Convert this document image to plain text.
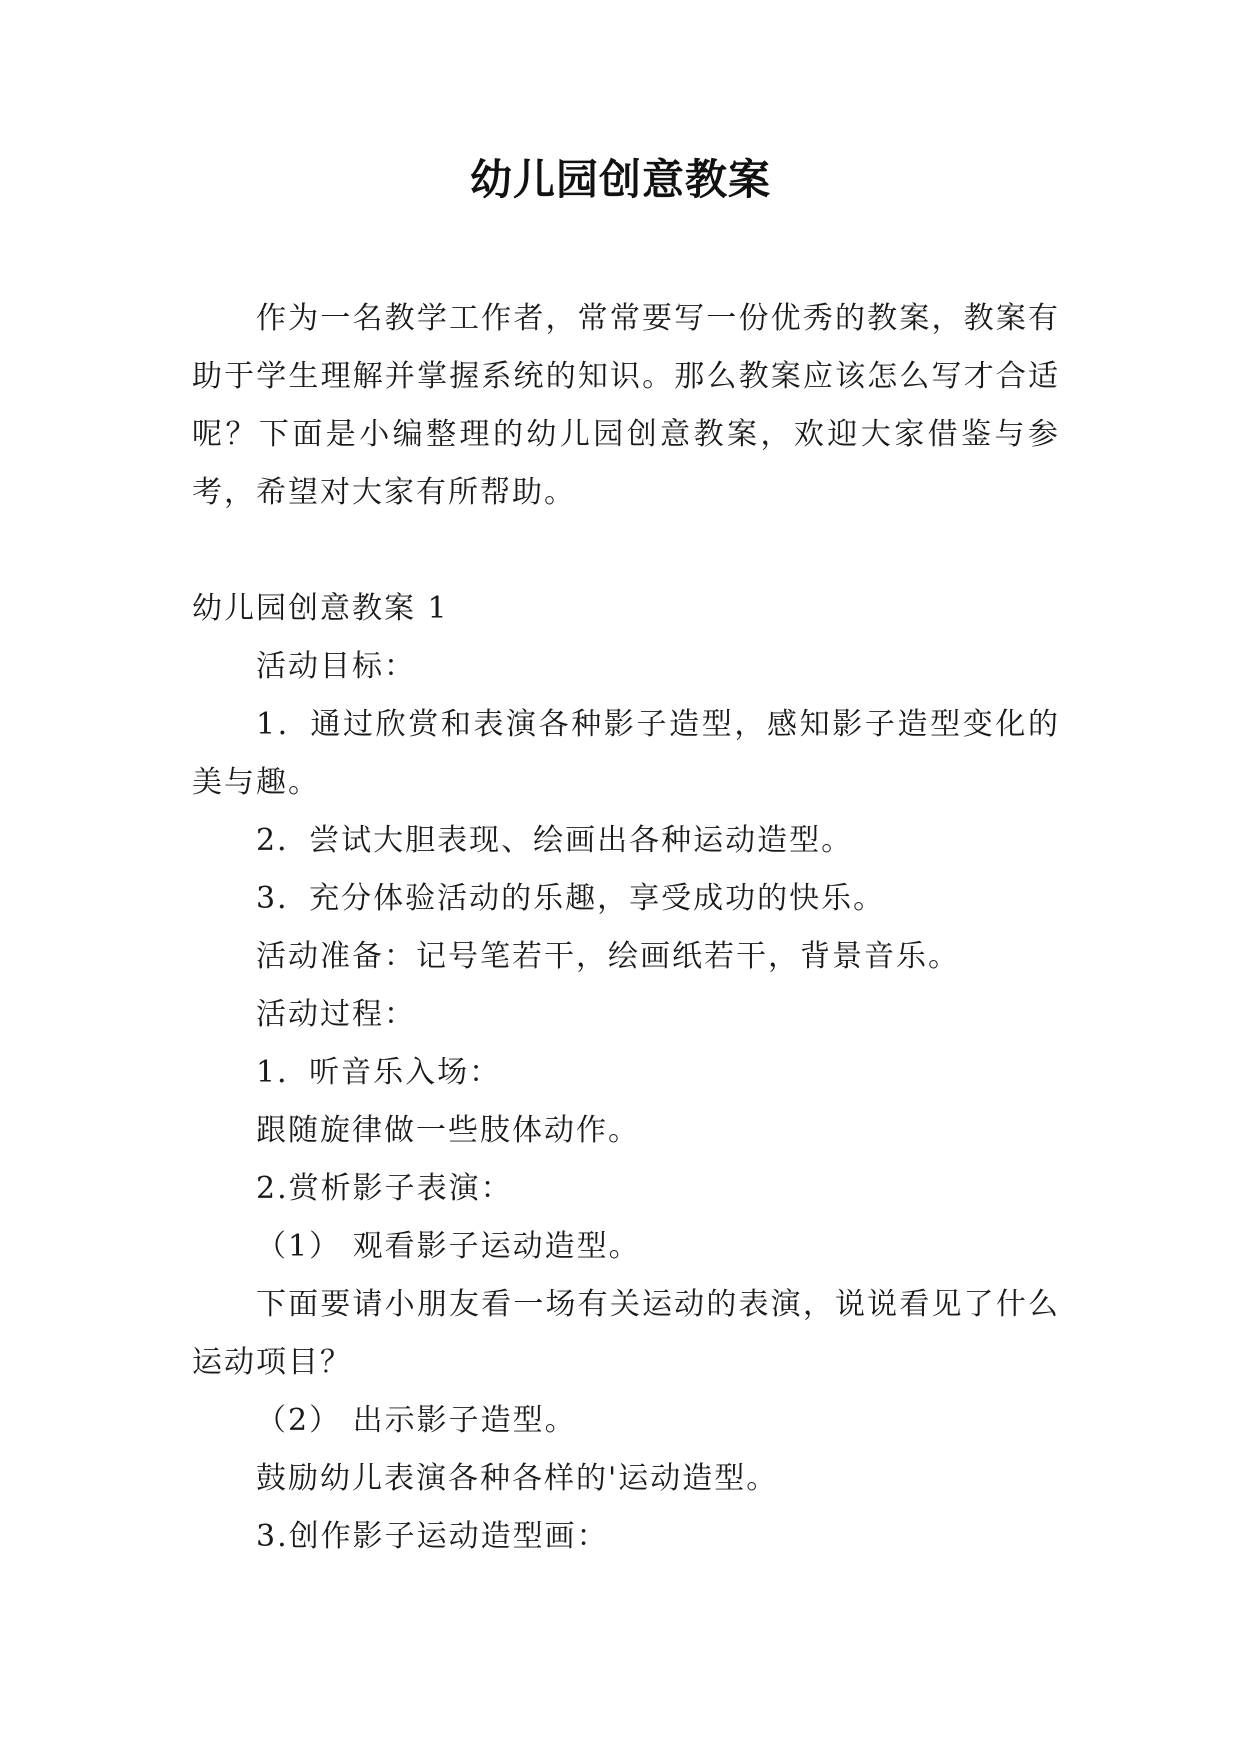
幼儿园创意教案
作为一名教学工作者，常常要写一份优秀的教案，教案有助于学生理解并掌握系统的知识。那么教案应该怎么写才合适呢？下面是小编整理的幼儿园创意教案，欢迎大家借鉴与参考，希望对大家有所帮助。

幼儿园创意教案 1

活动目标：

1．通过欣赏和表演各种影子造型，感知影子造型变化的美与趣。

2．尝试大胆表现、绘画出各种运动造型。

3．充分体验活动的乐趣，享受成功的快乐。

活动准备：记号笔若干，绘画纸若干，背景音乐。

活动过程：

1．听音乐入场：

跟随旋律做一些肢体动作。

2.赏析影子表演：

（1） 观看影子运动造型。

下面要请小朋友看一场有关运动的表演，说说看见了什么运动项目？

（2） 出示影子造型。

鼓励幼儿表演各种各样的'运动造型。

3.创作影子运动造型画：
